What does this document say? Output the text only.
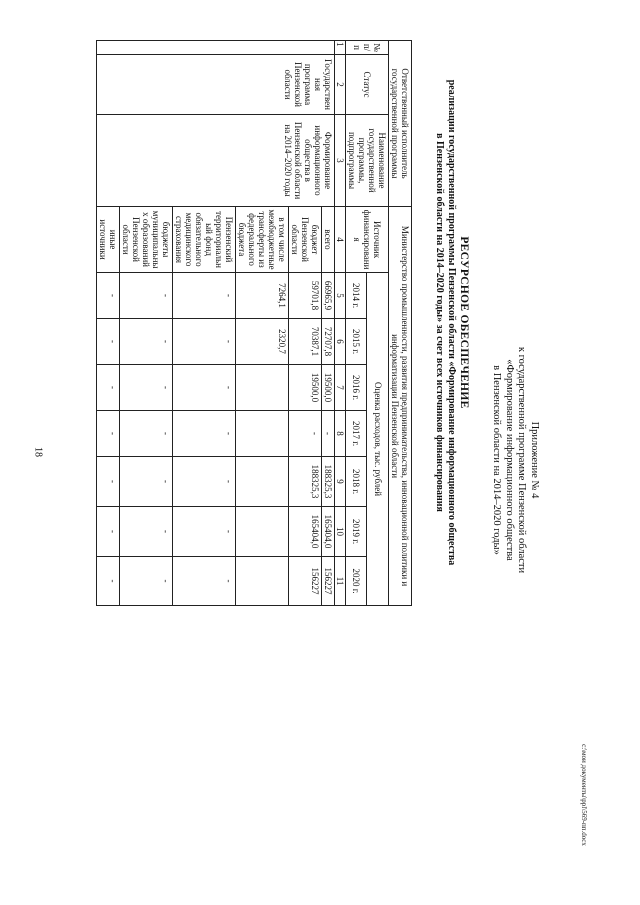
18	Приложение № 4
к государственной программе Пензенской области
«Формирование информационного общества
в Пензенской области на 2014–2020 годы»
РЕСУРСНОЕ ОБЕСПЕЧЕНИЕ
реализации государственной программы Пензенской области «Формирование информационного общества
в Пензенской области на 2014–2020 годы» за счет всех источников финансирования
Ответственный исполнитель государственной программы			Министерство промышленности, развития предпринимательства, инновационной политики и информатизации Пензенской области							
№ п/п	Статус	Наименование государственной программы, подпрограммы	Источник финансирования	Оценка расходов, тыс. рублей						
				2014 г.	2015 г.	2016 г.	2017 г.	2018 г.	2019 г.	2020 г.
1	2	3	4	5	6	7	8	9	10	11
	Государственная программа Пензенской области	Формирование информационного общества в Пензенской области на 2014–2020 годы	всего	66965,9	72707,8	19500,0	-	188325,3	165404,0	156227
			бюджет Пензенской области	59701,8	70387,1	19500,0	-	188325,3	165404,0	156227
			в том числе межбюджетные трансферты из федерального бюджета	7264,1	2320,7					
			Пензенский территориальный фонд обязательного медицинского страхования	-	-	-	-	-	-	-
			бюджеты муниципальных образований Пензенской области	-	-	-	-	-	-	-
			иные источники	-	-	-	-	-	-	-
c:\мои документы\ppl\569-пп.docx
